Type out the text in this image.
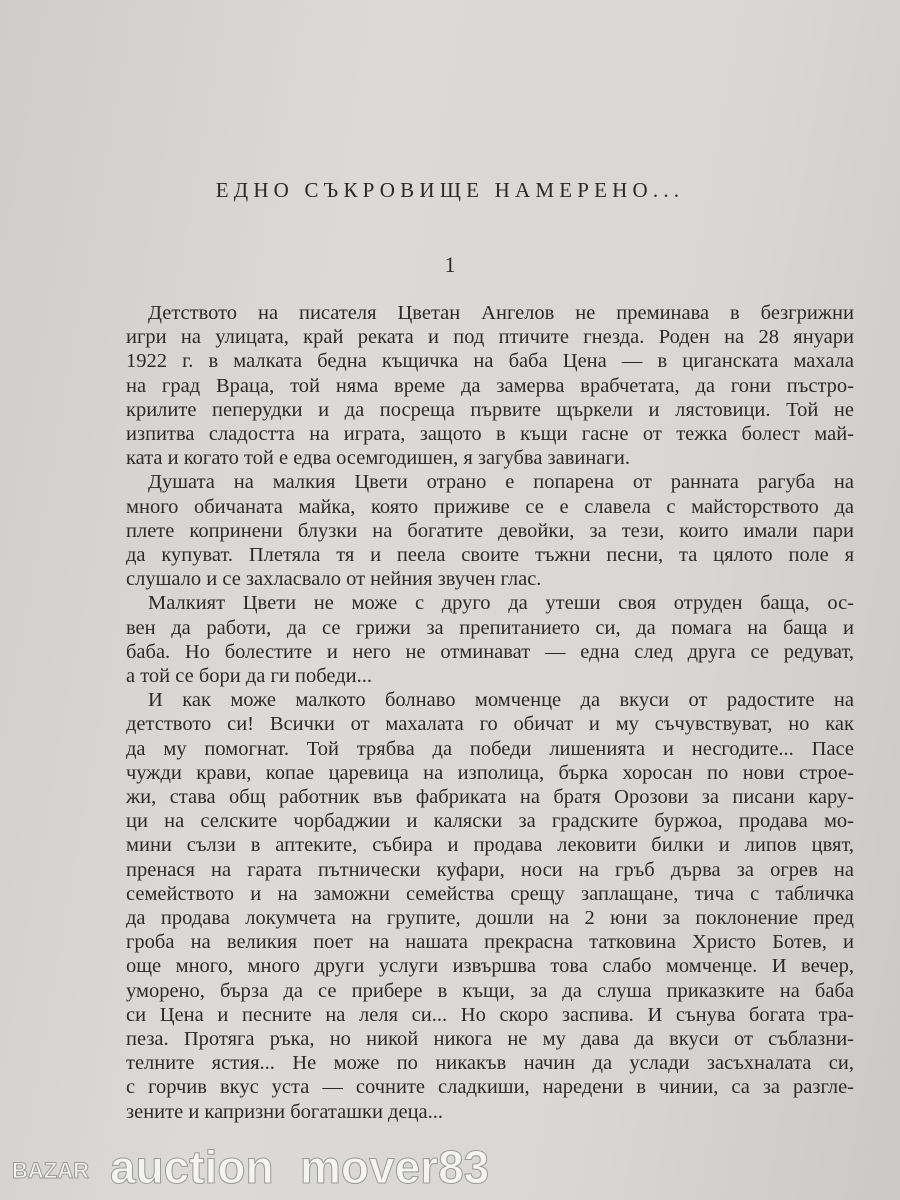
ЕДНО СЪКРОВИЩЕ НАМЕРЕНО...
1
Детството на писателя Цветан Ангелов не преминава в безгрижни
игри на улицата, край реката и под птичите гнезда. Роден на 28 януари
1922 г. в малката бедна къщичка на баба Цена — в циганската махала
на град Враца, той няма време да замерва врабчетата, да гони пъстро-
крилите пеперудки и да посреща първите щъркели и лястовици. Той не
изпитва сладостта на играта, защото в къщи гасне от тежка болест май-
ката и когато той е едва осемгодишен, я загубва завинаги.
Душата на малкия Цвети отрано е попарена от ранната рагуба на
много обичаната майка, която приживе се е славела с майсторството да
плете копринени блузки на богатите девойки, за тези, които имали пари
да купуват. Плетяла тя и пеела своите тъжни песни, та цялото поле я
слушало и се захласвало от нейния звучен глас.
Малкият Цвети не може с друго да утеши своя отруден баща, ос-
вен да работи, да се грижи за препитанието си, да помага на баща и
баба. Но болестите и него не отминават — една след друга се редуват,
а той се бори да ги победи...
И как може малкото болнаво момченце да вкуси от радостите на
детството си! Всички от махалата го обичат и му съчувствуват, но как
да му помогнат. Той трябва да победи лишенията и несгодите... Пасе
чужди крави, копае царевица на изполица, бърка хоросан по нови строе-
жи, става общ работник във фабриката на братя Орозови за писани кару-
ци на селските чорбаджии и каляски за градските буржоа, продава мо-
мини сълзи в аптеките, събира и продава лековити билки и липов цвят,
пренася на гарата пътнически куфари, носи на гръб дърва за огрев на
семейството и на заможни семейства срещу заплащане, тича с табличка
да продава локумчета на групите, дошли на 2 юни за поклонение пред
гроба на великия поет на нашата прекрасна татковина Христо Ботев, и
още много, много други услуги извършва това слабо момченце. И вечер,
уморено, бърза да се прибере в къщи, за да слуша приказките на баба
си Цена и песните на леля си... Но скоро заспива. И сънува богата тра-
пеза. Протяга ръка, но никой никога не му дава да вкуси от съблазни-
телните ястия... Не може по никакъв начин да услади засъхналата си,
с горчив вкус уста — сочните сладкиши, наредени в чинии, са за разгле-
зените и капризни богаташки деца...
BAZAR auction mover83
